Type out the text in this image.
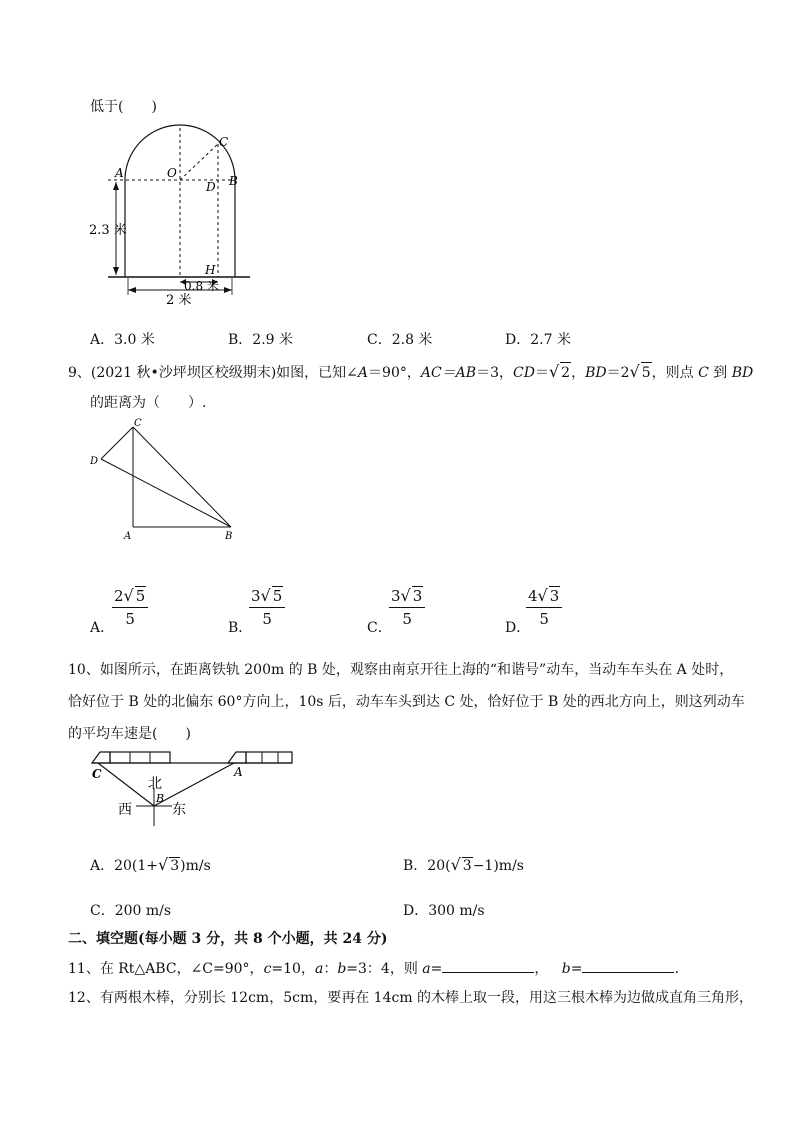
低于(　　)
A	O
C
D B
H
2.3 米
0.8 米
2 米
A．3.0 米	B．2.9 米	C．2.8 米	D．2.7 米
9、(2021 秋•沙坪坝区校级期末)如图，已知∠A＝90°，AC＝AB＝3，CD＝√ 2，BD＝2√ 5，则点 C 到 BD
的距离为（　　）.
C
D
A	B
A．
2√ 5
5	B．
3√ 5
5	C．
3√ 3
5	D．
4√ 3
5
10、如图所示，在距离铁轨 200m 的 B 处，观察由南京开往上海的“和谐号”动车，当动车车头在 A 处时，
恰好位于 B 处的北偏东 60°方向上，10s 后，动车车头到达 C 处，恰好位于 B 处的西北方向上，则这列动车
的平均车速是(　　)
C	A
北
B
西	东
A．20(1+√ 3)m/s	B．20(√ 3−1)m/s
C．200 m/s	D．300 m/s
二、填空题(每小题 3 分，共 8 个小题，共 24 分)
11、在 Rt△ABC，∠C=90°，c=10，a：b=3：4，则 a=	， b=	.
12、有两根木棒，分别长 12cm，5cm，要再在 14cm 的木棒上取一段，用这三根木棒为边做成直角三角形，
